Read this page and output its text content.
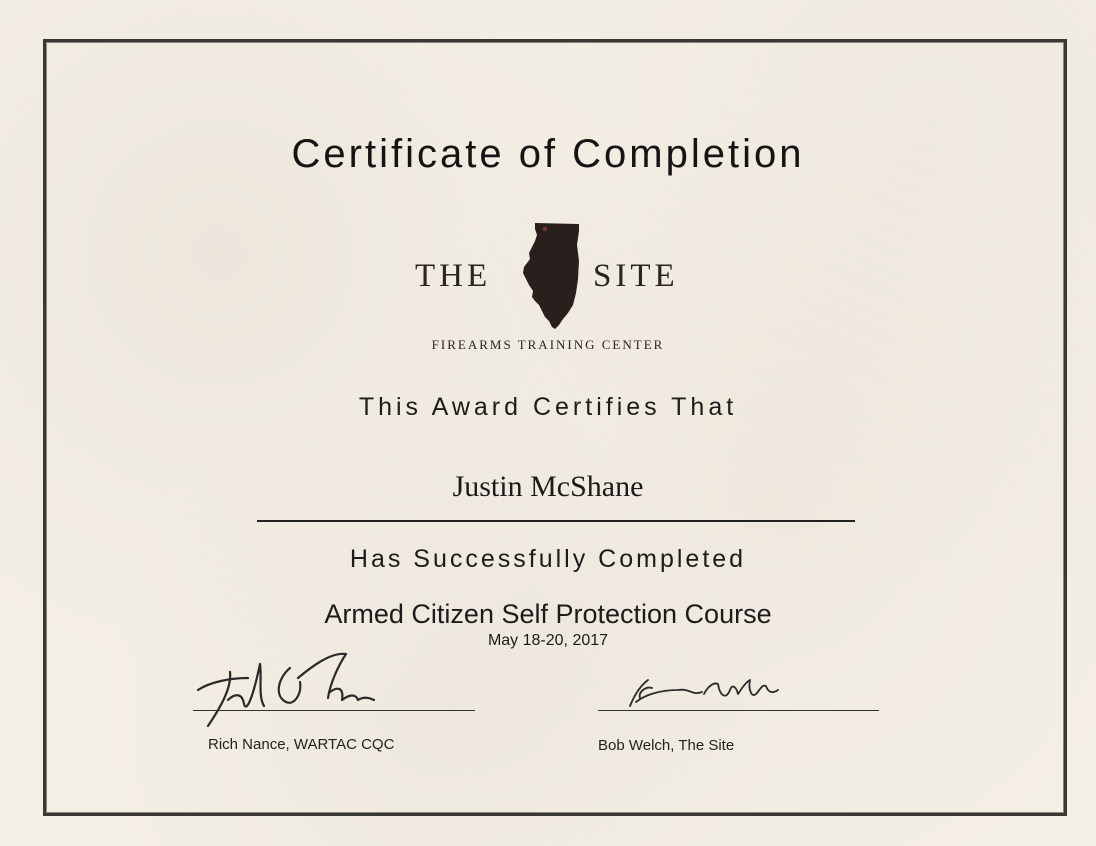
Certificate of Completion
THE	SITE
FIREARMS TRAINING CENTER
This Award Certifies That
Justin McShane
Has Successfully Completed
Armed Citizen Self Protection Course
May 18-20, 2017
Rich Nance, WARTAC CQC	Bob Welch, The Site
